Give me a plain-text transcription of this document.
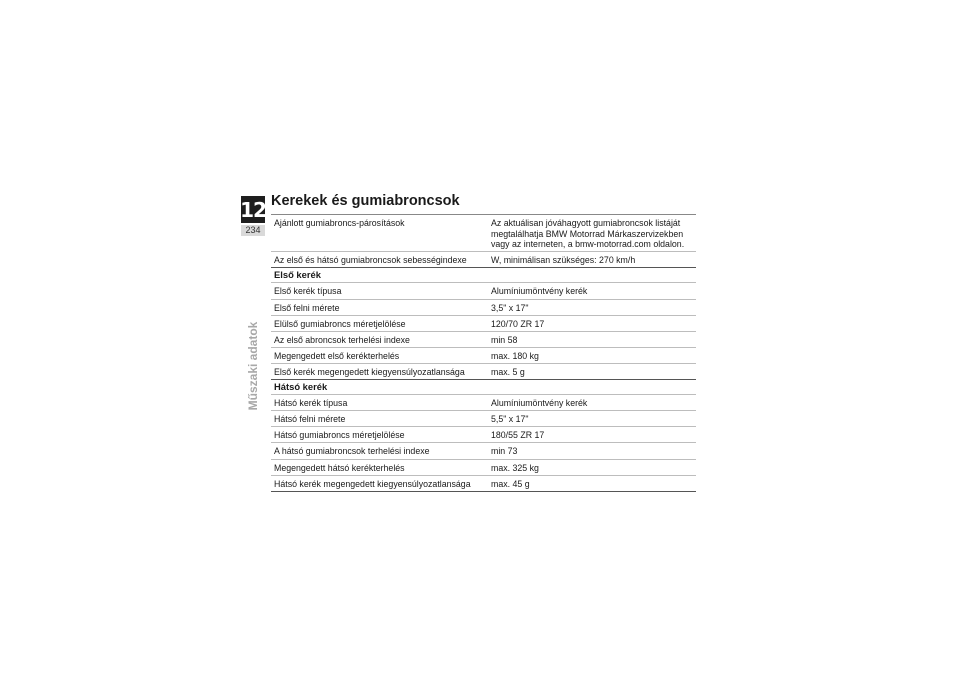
12
234
Műszaki adatok
Kerekek és gumiabroncsok
Ajánlott gumiabroncs-párosítások	Az aktuálisan jóváhagyott gumiabroncsok listáját megtalálhatja BMW Motorrad Márkaszervizekben vagy az interneten, a bmw-motorrad.com oldalon.
Az első és hátsó gumiabroncsok sebességindexe	W, minimálisan szükséges: 270 km/h
Első kerék	
Első kerék típusa	Alumíniumöntvény kerék
Első felni mérete	3,5" x 17"
Elülső gumiabroncs méretjelölése	120/70 ZR 17
Az első abroncsok terhelési indexe	min 58
Megengedett első kerékterhelés	max. 180 kg
Első kerék megengedett kiegyensúlyozatlansága	max. 5 g
Hátsó kerék	
Hátsó kerék típusa	Alumíniumöntvény kerék
Hátsó felni mérete	5,5" x 17"
Hátsó gumiabroncs méretjelölése	180/55 ZR 17
A hátsó gumiabroncsok terhelési indexe	min 73
Megengedett hátsó kerékterhelés	max. 325 kg
Hátsó kerék megengedett kiegyensúlyozatlansága	max. 45 g
